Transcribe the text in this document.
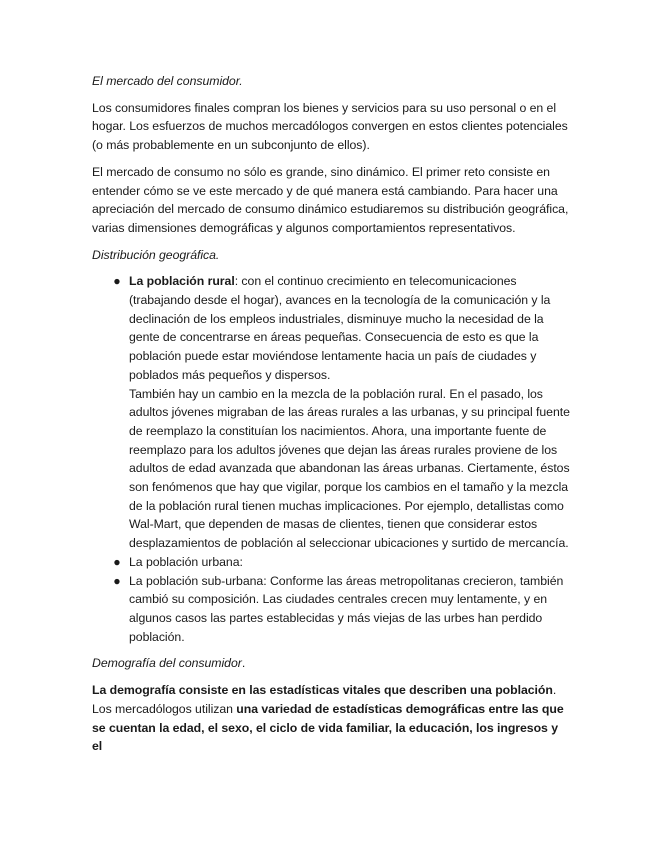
El mercado del consumidor.

Los consumidores finales compran los bienes y servicios para su uso personal o en el hogar. Los esfuerzos de muchos mercadólogos convergen en estos clientes potenciales (o más probablemente en un subconjunto de ellos).

El mercado de consumo no sólo es grande, sino dinámico. El primer reto consiste en entender cómo se ve este mercado y de qué manera está cambiando. Para hacer una apreciación del mercado de consumo dinámico estudiaremos su distribución geográfica, varias dimensiones demográficas y algunos comportamientos representativos.

Distribución geográfica.

● La población rural: con el continuo crecimiento en telecomunicaciones (trabajando desde el hogar), avances en la tecnología de la comunicación y la declinación de los empleos industriales, disminuye mucho la necesidad de la gente de concentrarse en áreas pequeñas. Consecuencia de esto es que la población puede estar moviéndose lentamente hacia un país de ciudades y poblados más pequeños y dispersos.
También hay un cambio en la mezcla de la población rural. En el pasado, los adultos jóvenes migraban de las áreas rurales a las urbanas, y su principal fuente de reemplazo la constituían los nacimientos. Ahora, una importante fuente de reemplazo para los adultos jóvenes que dejan las áreas rurales proviene de los adultos de edad avanzada que abandonan las áreas urbanas. Ciertamente, éstos son fenómenos que hay que vigilar, porque los cambios en el tamaño y la mezcla de la población rural tienen muchas implicaciones. Por ejemplo, detallistas como Wal-Mart, que dependen de masas de clientes, tienen que considerar estos desplazamientos de población al seleccionar ubicaciones y surtido de mercancía.
● La población urbana:
● La población sub-urbana: Conforme las áreas metropolitanas crecieron, también cambió su composición. Las ciudades centrales crecen muy lentamente, y en algunos casos las partes establecidas y más viejas de las urbes han perdido población.

Demografía del consumidor.

La demografía consiste en las estadísticas vitales que describen una población.
Los mercadólogos utilizan una variedad de estadísticas demográficas entre las que se cuentan la edad, el sexo, el ciclo de vida familiar, la educación, los ingresos y el
